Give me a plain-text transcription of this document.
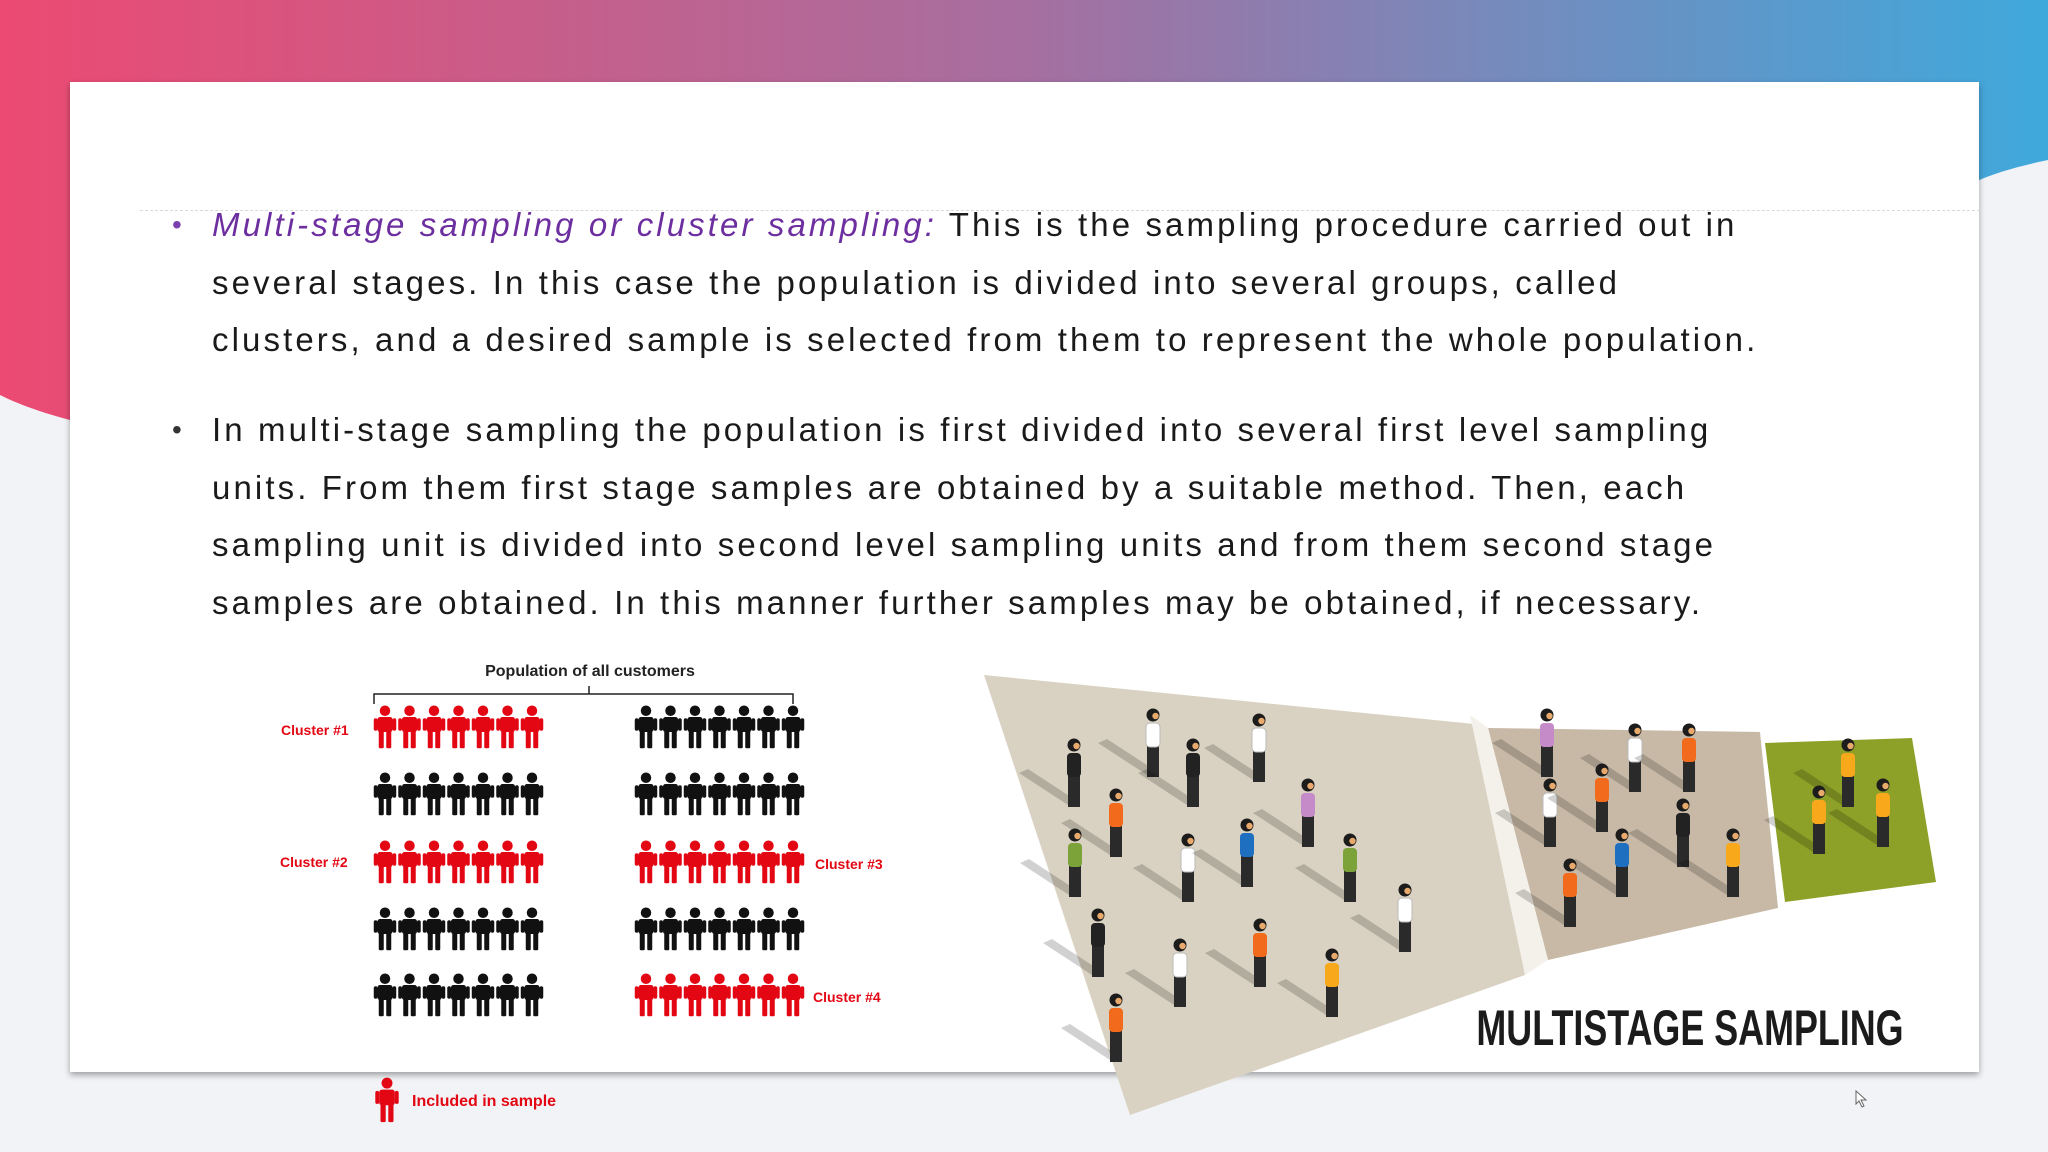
• Multi-stage sampling or cluster sampling: This is the sampling procedure carried out in
several stages. In this case the population is divided into several groups, called
clusters, and a desired sample is selected from them to represent the whole population.
• In multi-stage sampling the population is first divided into several first level sampling
units. From them first stage samples are obtained by a suitable method. Then, each
sampling unit is divided into second level sampling units and from them second stage
samples are obtained. In this manner further samples may be obtained, if necessary.
Population of all customers
Cluster #1
Cluster #2	Cluster #3
Cluster #4
Included in sample
MULTISTAGE SAMPLING
